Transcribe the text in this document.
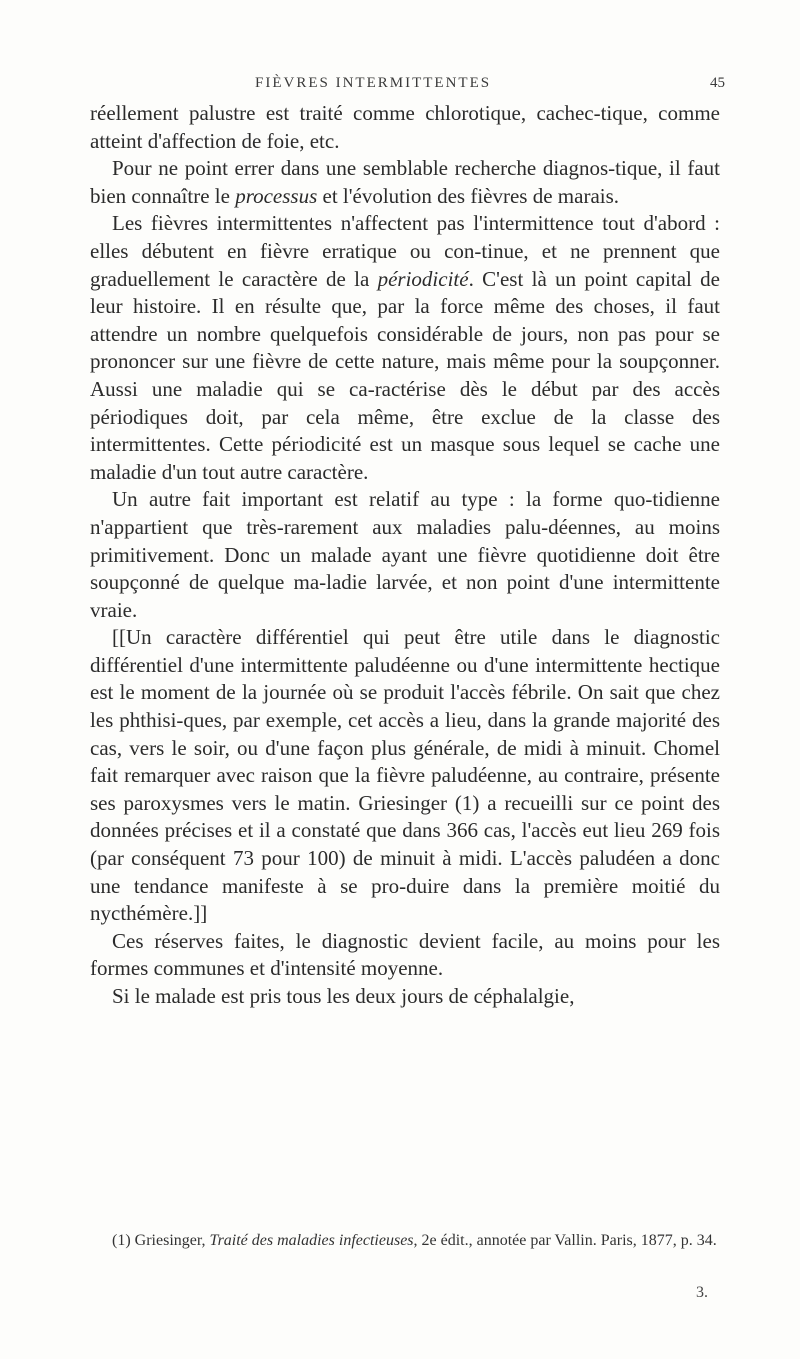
FIÈVRES INTERMITTENTES	45

réellement palustre est traité comme chlorotique, cachec-tique, comme atteint d'affection de foie, etc.

Pour ne point errer dans une semblable recherche diagnos-tique, il faut bien connaître le processus et l'évolution des fièvres de marais.

Les fièvres intermittentes n'affectent pas l'intermittence tout d'abord : elles débutent en fièvre erratique ou con-tinue, et ne prennent que graduellement le caractère de la périodicité. C'est là un point capital de leur histoire. Il en résulte que, par la force même des choses, il faut attendre un nombre quelquefois considérable de jours, non pas pour se prononcer sur une fièvre de cette nature, mais même pour la soupçonner. Aussi une maladie qui se ca-ractérise dès le début par des accès périodiques doit, par cela même, être exclue de la classe des intermittentes. Cette périodicité est un masque sous lequel se cache une maladie d'un tout autre caractère.

Un autre fait important est relatif au type : la forme quo-tidienne n'appartient que très-rarement aux maladies palu-déennes, au moins primitivement. Donc un malade ayant une fièvre quotidienne doit être soupçonné de quelque ma-ladie larvée, et non point d'une intermittente vraie.

[[Un caractère différentiel qui peut être utile dans le diagnostic différentiel d'une intermittente paludéenne ou d'une intermittente hectique est le moment de la journée où se produit l'accès fébrile. On sait que chez les phthisi-ques, par exemple, cet accès a lieu, dans la grande majorité des cas, vers le soir, ou d'une façon plus générale, de midi à minuit. Chomel fait remarquer avec raison que la fièvre paludéenne, au contraire, présente ses paroxysmes vers le matin. Griesinger (1) a recueilli sur ce point des données précises et il a constaté que dans 366 cas, l'accès eut lieu 269 fois (par conséquent 73 pour 100) de minuit à midi. L'accès paludéen a donc une tendance manifeste à se pro-duire dans la première moitié du nycthémère.]]

Ces réserves faites, le diagnostic devient facile, au moins pour les formes communes et d'intensité moyenne.

Si le malade est pris tous les deux jours de céphalalgie,

(1) Griesinger, Traité des maladies infectieuses, 2e édit., annotée par Vallin. Paris, 1877, p. 34.
3.
